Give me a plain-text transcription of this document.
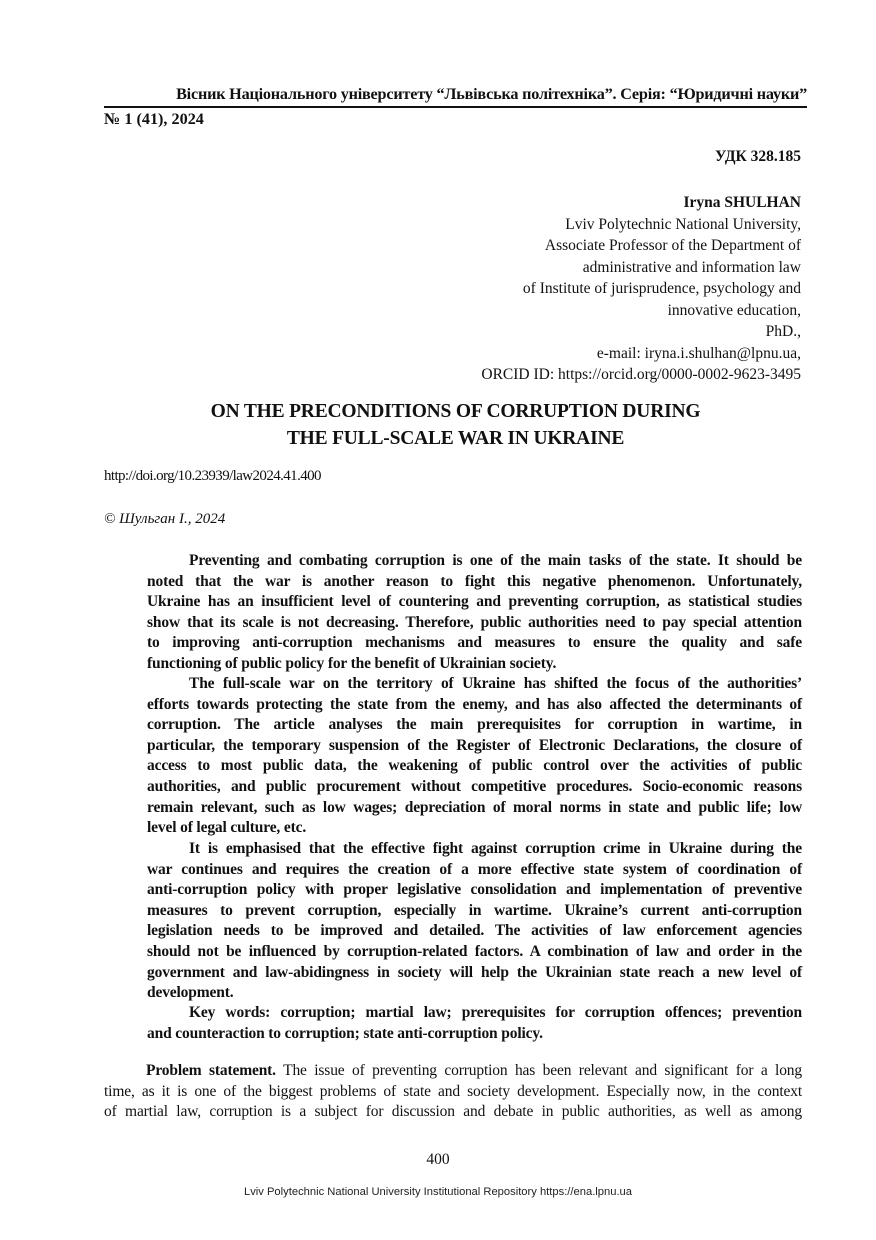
Вісник Національного університету “Львівська політехніка”. Серія: “Юридичні науки”
№ 1 (41), 2024
УДК 328.185
Iryna SHULHAN
Lviv Polytechnic National University,
Associate Professor of the Department of
administrative and information law
of Institute of jurisprudence, psychology and
innovative education,
PhD.,
e-mail: iryna.i.shulhan@lpnu.ua,
ORCID ID: https://orcid.org/0000-0002-9623-3495
ON THE PRECONDITIONS OF CORRUPTION DURING
THE FULL-SCALE WAR IN UKRAINE
http://doi.org/10.23939/law2024.41.400
© Шульган І., 2024
Preventing and combating corruption is one of the main tasks of the state. It should be
noted that the war is another reason to fight this negative phenomenon. Unfortunately,
Ukraine has an insufficient level of countering and preventing corruption, as statistical studies
show that its scale is not decreasing. Therefore, public authorities need to pay special attention
to improving anti-corruption mechanisms and measures to ensure the quality and safe
functioning of public policy for the benefit of Ukrainian society.
The full-scale war on the territory of Ukraine has shifted the focus of the authorities’
efforts towards protecting the state from the enemy, and has also affected the determinants of
corruption. The article analyses the main prerequisites for corruption in wartime, in
particular, the temporary suspension of the Register of Electronic Declarations, the closure of
access to most public data, the weakening of public control over the activities of public
authorities, and public procurement without competitive procedures. Socio-economic reasons
remain relevant, such as low wages; depreciation of moral norms in state and public life; low
level of legal culture, etc.
It is emphasised that the effective fight against corruption crime in Ukraine during the
war continues and requires the creation of a more effective state system of coordination of
anti-corruption policy with proper legislative consolidation and implementation of preventive
measures to prevent corruption, especially in wartime. Ukraine’s current anti-corruption
legislation needs to be improved and detailed. The activities of law enforcement agencies
should not be influenced by corruption-related factors. A combination of law and order in the
government and law-abidingness in society will help the Ukrainian state reach a new level of
development.
Key words: corruption; martial law; prerequisites for corruption offences; prevention
and counteraction to corruption; state anti-corruption policy.
Problem statement. The issue of preventing corruption has been relevant and significant for a long
time, as it is one of the biggest problems of state and society development. Especially now, in the context
of martial law, corruption is a subject for discussion and debate in public authorities, as well as among
400
Lviv Polytechnic National University Institutional Repository https://ena.lpnu.ua
